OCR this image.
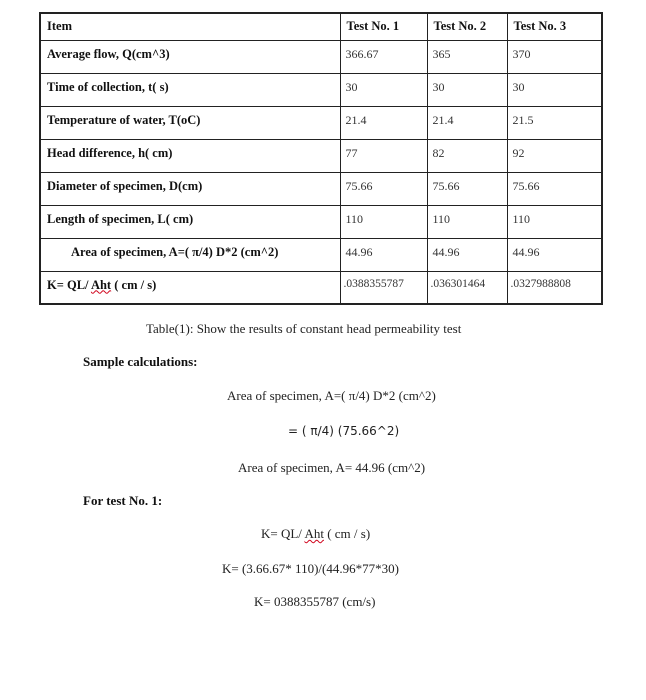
Item	Test No. 1	Test No. 2	Test No. 3
Average flow, Q(cm^3)	366.67	365	370
Time of collection, t( s)	30	30	30
Temperature of water, T(oC)	21.4	21.4	21.5
Head difference, h( cm)	77	82	92
Diameter of specimen, D(cm)	75.66	75.66	75.66
Length of specimen, L( cm)	110	110	110
Area of specimen, A=( π/4) D*2 (cm^2)	44.96	44.96	44.96
K= QL/ Aht ( cm / s)	.0388355787	.036301464	.0327988808
Table(1): Show the results of constant head permeability test
Sample calculations:
Area of specimen, A=( π/4) D*2 (cm^2)
= ( π/4) (75.66^2)
Area of specimen, A= 44.96 (cm^2)
For test No. 1:
K= QL/ Aht ( cm / s)
K= (3.66.67* 110)/(44.96*77*30)
K= 0388355787 (cm/s)
